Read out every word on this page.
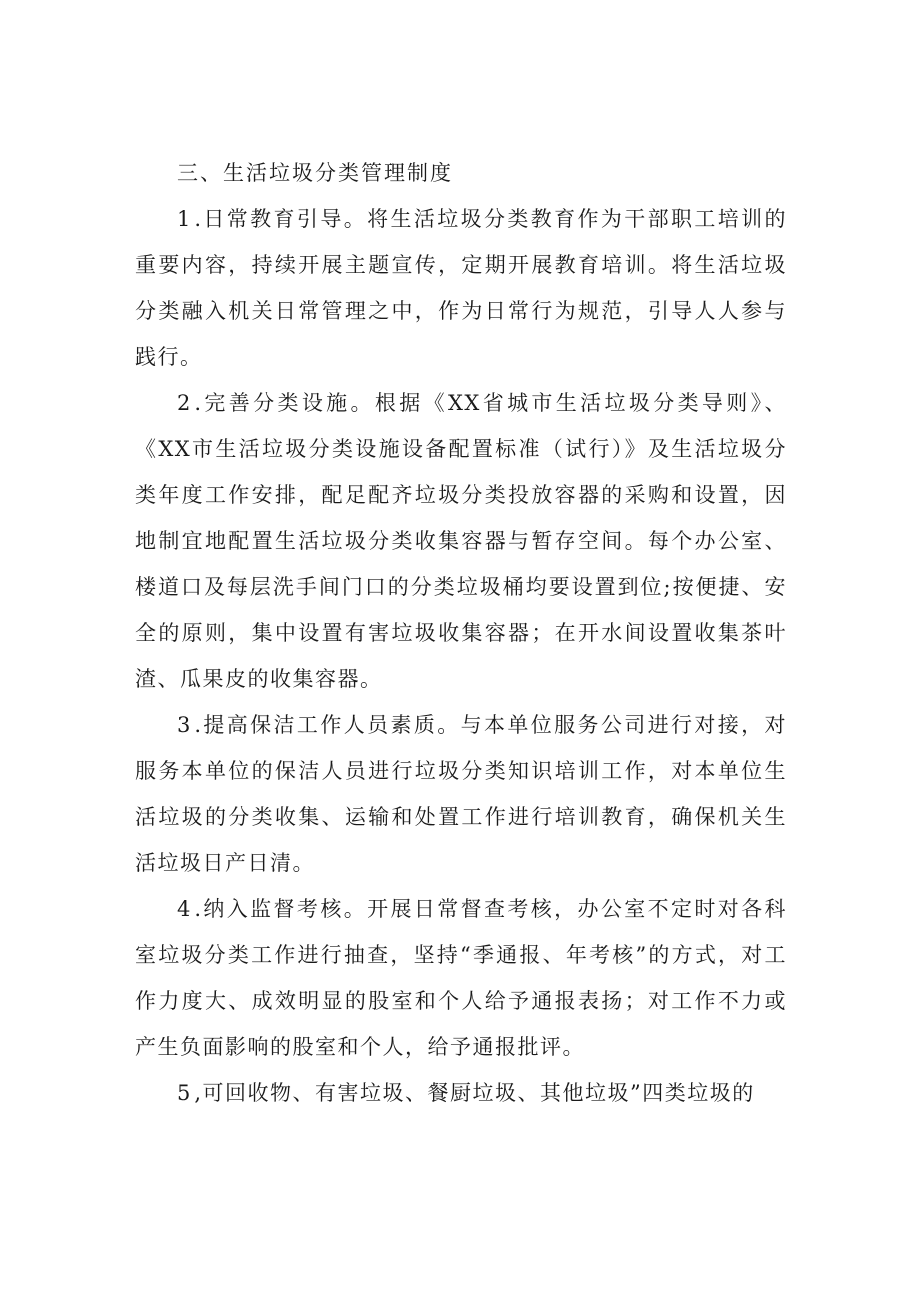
三、生活垃圾分类管理制度

1.日常教育引导。将生活垃圾分类教育作为干部职工培训的重要内容，持续开展主题宣传，定期开展教育培训。将生活垃圾分类融入机关日常管理之中，作为日常行为规范，引导人人参与践行。

2.完善分类设施。根据《XX省城市生活垃圾分类导则》、《XX市生活垃圾分类设施设备配置标准（试行）》及生活垃圾分类年度工作安排，配足配齐垃圾分类投放容器的采购和设置，因地制宜地配置生活垃圾分类收集容器与暂存空间。每个办公室、楼道口及每层洗手间门口的分类垃圾桶均要设置到位;按便捷、安全的原则，集中设置有害垃圾收集容器；在开水间设置收集茶叶渣、瓜果皮的收集容器。

3.提高保洁工作人员素质。与本单位服务公司进行对接，对服务本单位的保洁人员进行垃圾分类知识培训工作，对本单位生活垃圾的分类收集、运输和处置工作进行培训教育，确保机关生活垃圾日产日清。

4.纳入监督考核。开展日常督查考核，办公室不定时对各科室垃圾分类工作进行抽查，坚持“季通报、年考核”的方式，对工作力度大、成效明显的股室和个人给予通报表扬；对工作不力或产生负面影响的股室和个人，给予通报批评。

5,可回收物、有害垃圾、餐厨垃圾、其他垃圾”四类垃圾的
